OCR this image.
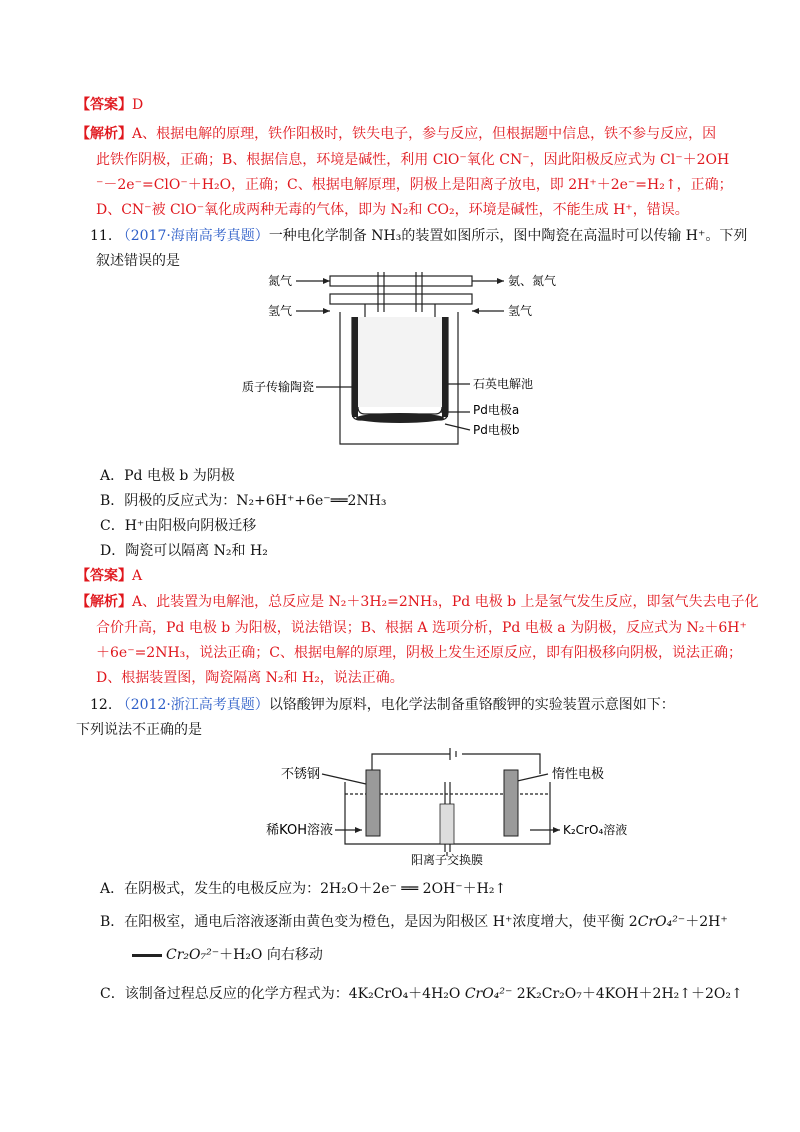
【答案】D
【解析】A、根据电解的原理，铁作阳极时，铁失电子，参与反应，但根据题中信息，铁不参与反应，因
此铁作阴极，正确；B、根据信息，环境是碱性，利用 ClO⁻氧化 CN⁻，因此阳极反应式为 Cl⁻＋2OH
⁻－2e⁻=ClO⁻＋H₂O，正确；C、根据电解原理，阴极上是阳离子放电，即 2H⁺＋2e⁻=H₂↑，正确；
D、CN⁻被 ClO⁻氧化成两种无毒的气体，即为 N₂和 CO₂，环境是碱性，不能生成 H⁺，错误。
11. （2017·海南高考真题）一种电化学制备 NH₃的装置如图所示，图中陶瓷在高温时可以传输 H⁺。下列
叙述错误的是
氮气
氢气
氨、氮气
氢气
质子传输陶瓷	石英电解池
Pd电极a
Pd电极b
A．Pd 电极 b 为阴极
B．阴极的反应式为：N₂+6H⁺+6e⁻══2NH₃
C．H⁺由阳极向阴极迁移
D．陶瓷可以隔离 N₂和 H₂
【答案】A
【解析】A、此装置为电解池，总反应是 N₂＋3H₂=2NH₃，Pd 电极 b 上是氢气发生反应，即氢气失去电子化
合价升高，Pd 电极 b 为阳极，说法错误；B、根据 A 选项分析，Pd 电极 a 为阴极，反应式为 N₂＋6H⁺
＋6e⁻=2NH₃，说法正确；C、根据电解的原理，阴极上发生还原反应，即有阳极移向阴极，说法正确；
D、根据装置图，陶瓷隔离 N₂和 H₂，说法正确。
12. （2012·浙江高考真题）以铬酸钾为原料，电化学法制备重铬酸钾的实验装置示意图如下：
下列说法不正确的是
不锈钢	惰性电极
稀KOH溶液	K₂CrO₄溶液
阳离子交换膜
A．在阴极式，发生的电极反应为：2H₂O＋2e⁻ ══ 2OH⁻＋H₂↑
B．在阳极室，通电后溶液逐渐由黄色变为橙色，是因为阳极区 H⁺浓度增大，使平衡 2CrO₄²⁻＋2H⁺
Cr₂O₇²⁻＋H₂O 向右移动
C．该制备过程总反应的化学方程式为：4K₂CrO₄＋4H₂O CrO₄²⁻ 2K₂Cr₂O₇＋4KOH＋2H₂↑＋2O₂↑
